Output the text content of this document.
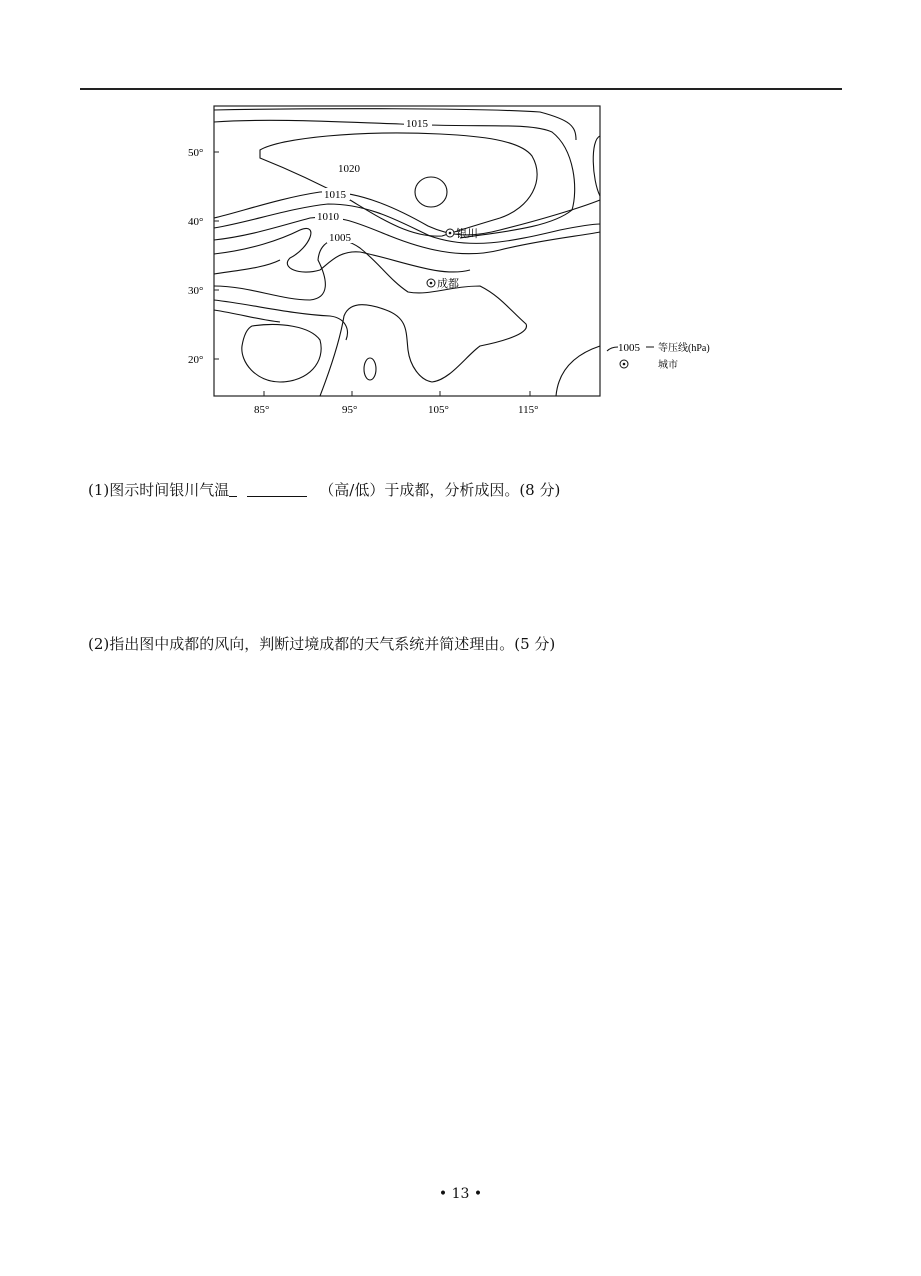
50°
40°
30°
20°
85°	95°	105°	115°
1015
1020
1015
1010
1005	银川
成都
1005 等压线(hPa)
城市
(1)图示时间银川气温	（高/低）于成都，分析成因。(8 分)
(2)指出图中成都的风向，判断过境成都的天气系统并简述理由。(5 分)
• 13 •
